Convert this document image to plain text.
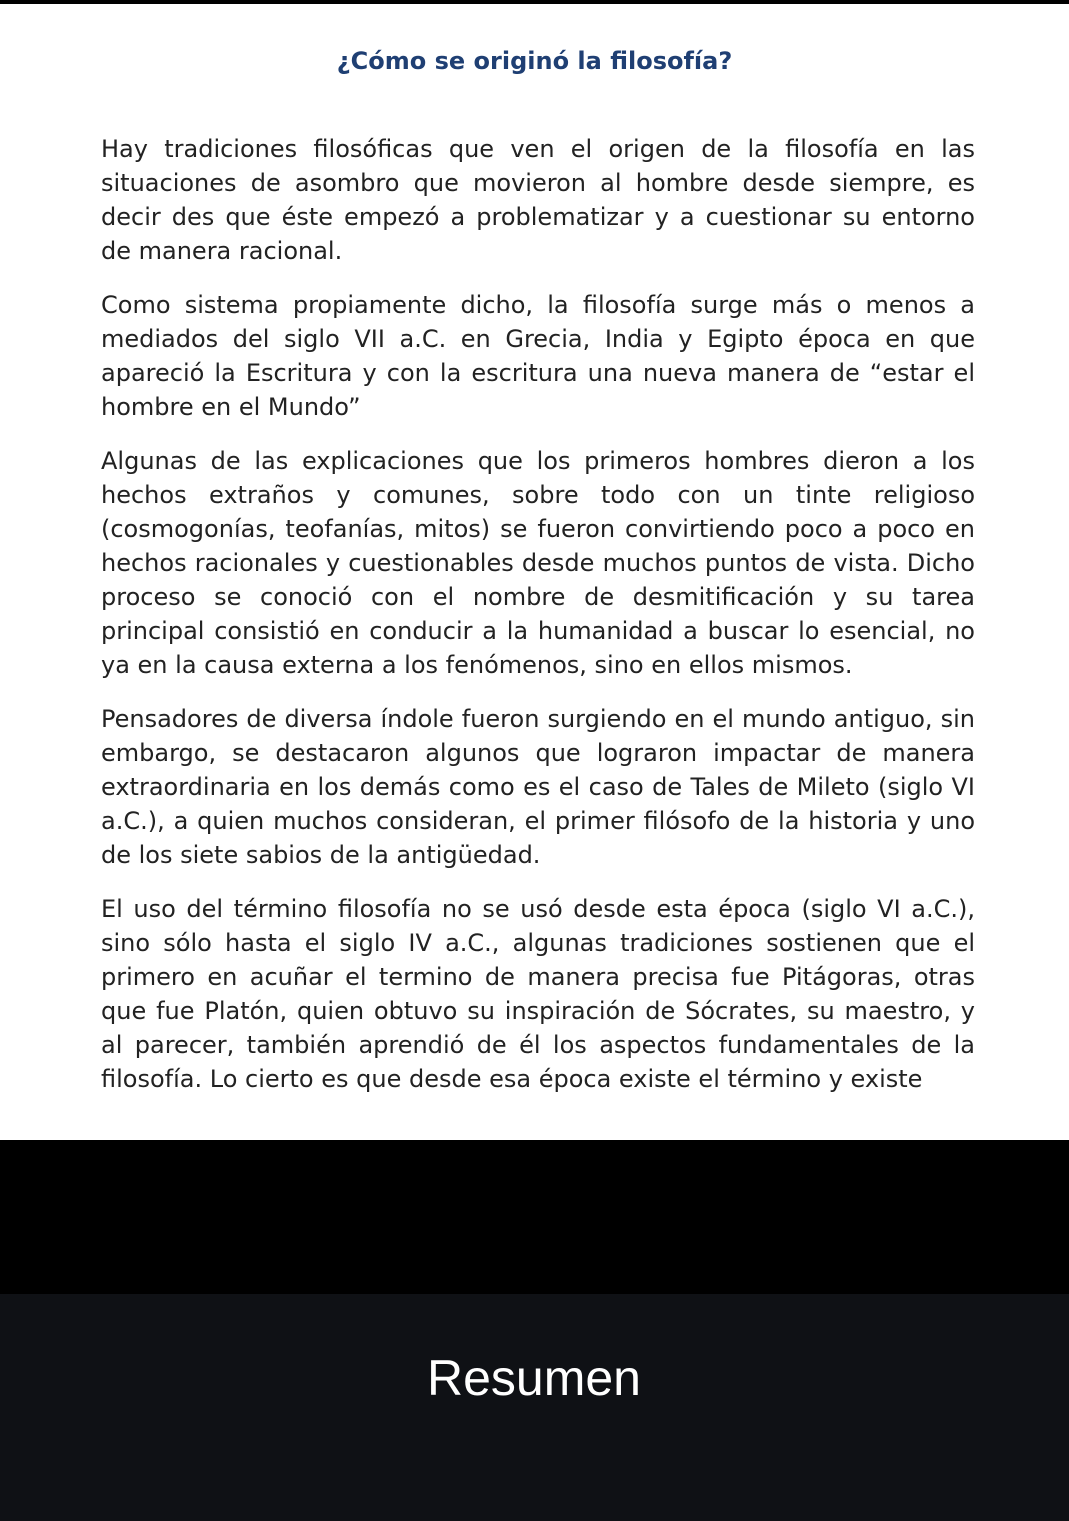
¿Cómo se originó la filosofía?

Hay tradiciones filosóficas que ven el origen de la filosofía en las situaciones de asombro que movieron al hombre desde siempre, es decir des que éste empezó a problematizar y a cuestionar su entorno de manera racional.

Como sistema propiamente dicho, la filosofía surge más o menos a mediados del siglo VII a.C. en Grecia, India y Egipto época en que apareció la Escritura y con la escritura una nueva manera de “estar el hombre en el Mundo”

Algunas de las explicaciones que los primeros hombres dieron a los hechos extraños y comunes, sobre todo con un tinte religioso (cosmogonías, teofanías, mitos) se fueron convirtiendo poco a poco en hechos racionales y cuestionables desde muchos puntos de vista. Dicho proceso se conoció con el nombre de desmitificación y su tarea principal consistió en conducir a la humanidad a buscar lo esencial, no ya en la causa externa a los fenómenos, sino en ellos mismos.

Pensadores de diversa índole fueron surgiendo en el mundo antiguo, sin embargo, se destacaron algunos que lograron impactar de manera extraordinaria en los demás como es el caso de Tales de Mileto (siglo VI a.C.), a quien muchos consideran, el primer filósofo de la historia y uno de los siete sabios de la antigüedad.

El uso del término filosofía no se usó desde esta época (siglo VI a.C.), sino sólo hasta el siglo IV a.C., algunas tradiciones sostienen que el primero en acuñar el termino de manera precisa fue Pitágoras, otras que fue Platón, quien obtuvo su inspiración de Sócrates, su maestro, y al parecer, también aprendió de él los aspectos fundamentales de la filosofía. Lo cierto es que desde esa época existe el término y existe

Resumen
